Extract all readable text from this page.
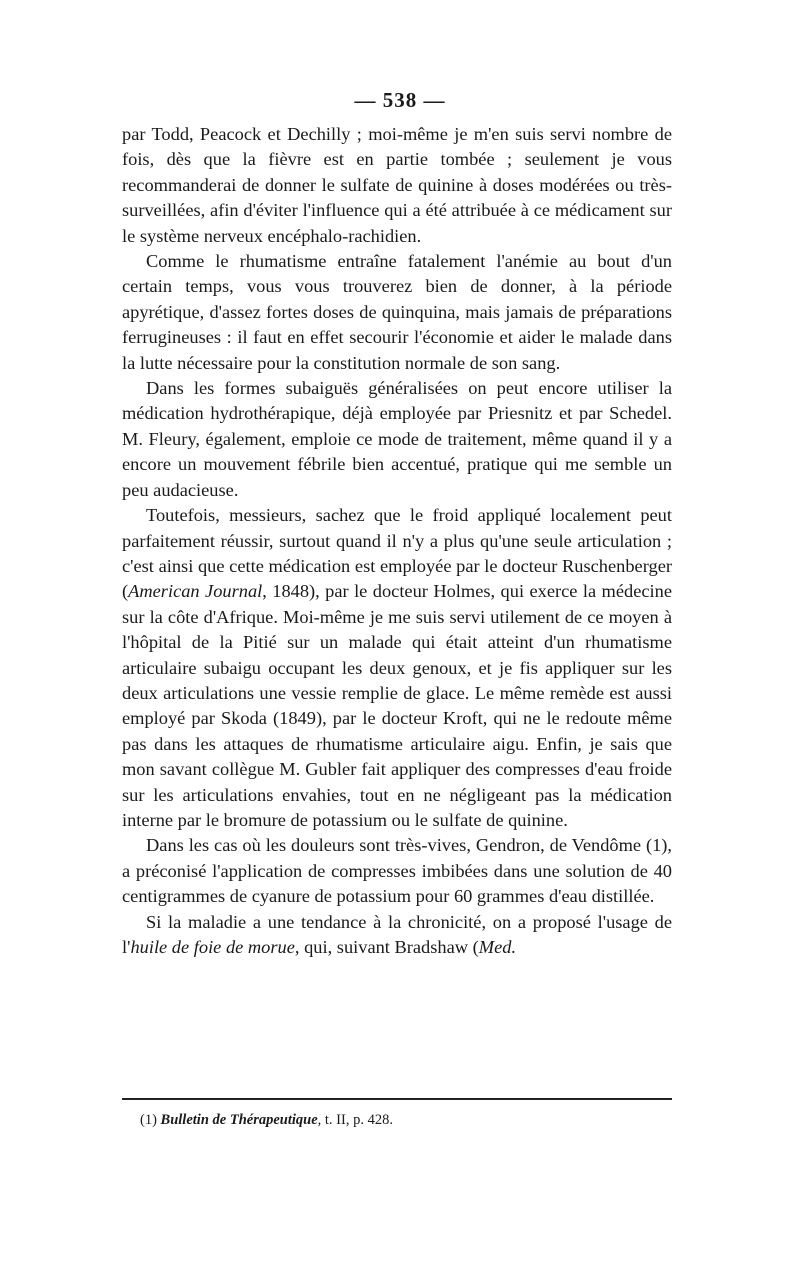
— 538 —

par Todd, Peacock et Dechilly ; moi-même je m'en suis servi nombre de fois, dès que la fièvre est en partie tombée ; seulement je vous recommanderai de donner le sulfate de quinine à doses modérées ou très-surveillées, afin d'éviter l'influence qui a été attribuée à ce médicament sur le système nerveux encéphalo-rachidien.

Comme le rhumatisme entraîne fatalement l'anémie au bout d'un certain temps, vous vous trouverez bien de donner, à la période apyrétique, d'assez fortes doses de quinquina, mais jamais de préparations ferrugineuses : il faut en effet secourir l'économie et aider le malade dans la lutte nécessaire pour la constitution normale de son sang.

Dans les formes subaiguës généralisées on peut encore utiliser la médication hydrothérapique, déjà employée par Priesnitz et par Schedel. M. Fleury, également, emploie ce mode de traitement, même quand il y a encore un mouvement fébrile bien accentué, pratique qui me semble un peu audacieuse.

Toutefois, messieurs, sachez que le froid appliqué localement peut parfaitement réussir, surtout quand il n'y a plus qu'une seule articulation ; c'est ainsi que cette médication est employée par le docteur Ruschenberger (American Journal, 1848), par le docteur Holmes, qui exerce la médecine sur la côte d'Afrique. Moi-même je me suis servi utilement de ce moyen à l'hôpital de la Pitié sur un malade qui était atteint d'un rhumatisme articulaire subaigu occupant les deux genoux, et je fis appliquer sur les deux articulations une vessie remplie de glace. Le même remède est aussi employé par Skoda (1849), par le docteur Kroft, qui ne le redoute même pas dans les attaques de rhumatisme articulaire aigu. Enfin, je sais que mon savant collègue M. Gubler fait appliquer des compresses d'eau froide sur les articulations envahies, tout en ne négligeant pas la médication interne par le bromure de potassium ou le sulfate de quinine.

Dans les cas où les douleurs sont très-vives, Gendron, de Vendôme (1), a préconisé l'application de compresses imbibées dans une solution de 40 centigrammes de cyanure de potassium pour 60 grammes d'eau distillée.

Si la maladie a une tendance à la chronicité, on a proposé l'usage de l'huile de foie de morue, qui, suivant Bradshaw (Med.

(1) Bulletin de Thérapeutique, t. II, p. 428.
